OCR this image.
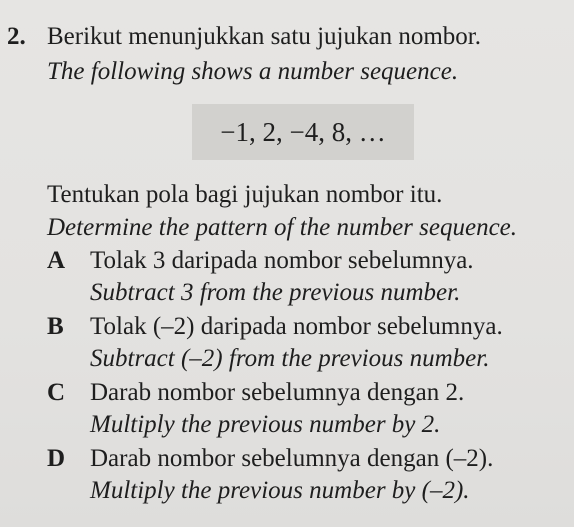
2. Berikut menunjukkan satu jujukan nombor.
The following shows a number sequence.
−1, 2, −4, 8, …
Tentukan pola bagi jujukan nombor itu.
Determine the pattern of the number sequence.
A Tolak 3 daripada nombor sebelumnya.
Subtract 3 from the previous number.
B Tolak (–2) daripada nombor sebelumnya.
Subtract (–2) from the previous number.
C Darab nombor sebelumnya dengan 2.
Multiply the previous number by 2.
D Darab nombor sebelumnya dengan (–2).
Multiply the previous number by (–2).
